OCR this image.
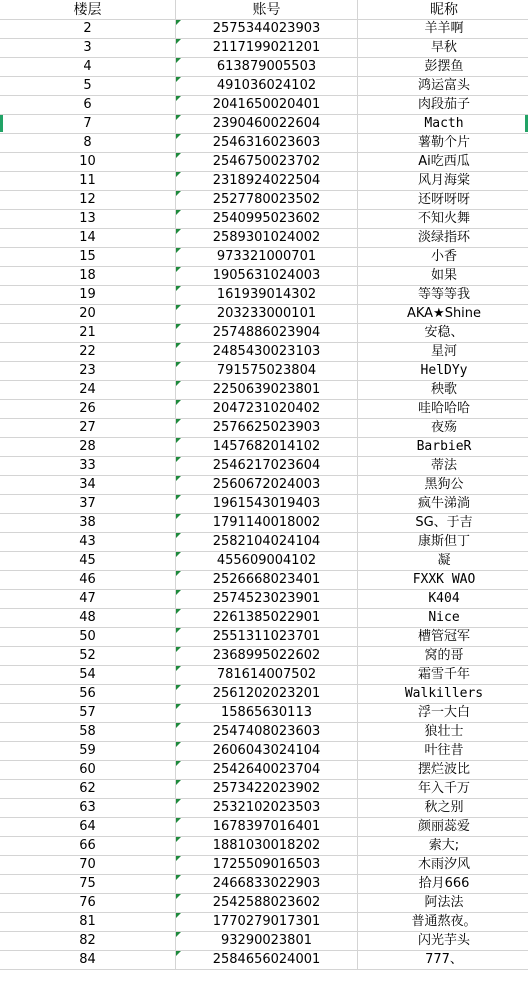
楼层	账号	昵称
2	2575344023903	羊羊啊
3	2117199021201	早秋
4	613879005503	彭摆鱼
5	491036024102	鸿运富头
6	2041650020401	肉段茄子
7	2390460022604	Macth
8	2546316023603	薯勒个片
10	2546750023702	Ai吃西瓜
11	2318924022504	风月海棠
12	2527780023502	还呀呀呀
13	2540995023602	不知火舞
14	2589301024002	淡绿指环
15	973321000701	小香
18	1905631024003	如果
19	161939014302	等等等我
20	203233000101	AKA★Shine
21	2574886023904	安稳、
22	2485430023103	星河
23	791575023804	HelDYy
24	2250639023801	秧歌
26	2047231020402	哇哈哈哈
27	2576625023903	夜殇
28	1457682014102	BarbieR
33	2546217023604	蒂法
34	2560672024003	黑狗公
37	1961543019403	疯牛涕淌
38	1791140018002	SG、于吉
43	2582104024104	康斯但丁
45	455609004102	凝
46	2526668023401	FXXK WAO
47	2574523023901	K404
48	2261385022901	Nice
50	2551311023701	槽管冠军
52	2368995022602	窝的哥
54	781614007502	霜雪千年
56	2561202023201	Walkillers
57	15865630113	浮一大白
58	2547408023603	狼壮士
59	2606043024104	叶往昔
60	2542640023704	摆烂波比
62	2573422023902	年入千万
63	2532102023503	秋之别
64	1678397016401	颜丽蕊爱
66	1881030018202	索大;
70	1725509016503	木雨汐风
75	2466833022903	拾月666
76	2542588023602	阿法法
81	1770279017301	普通熬夜。
82	93290023801	闪光芋头
84	2584656024001	777、
